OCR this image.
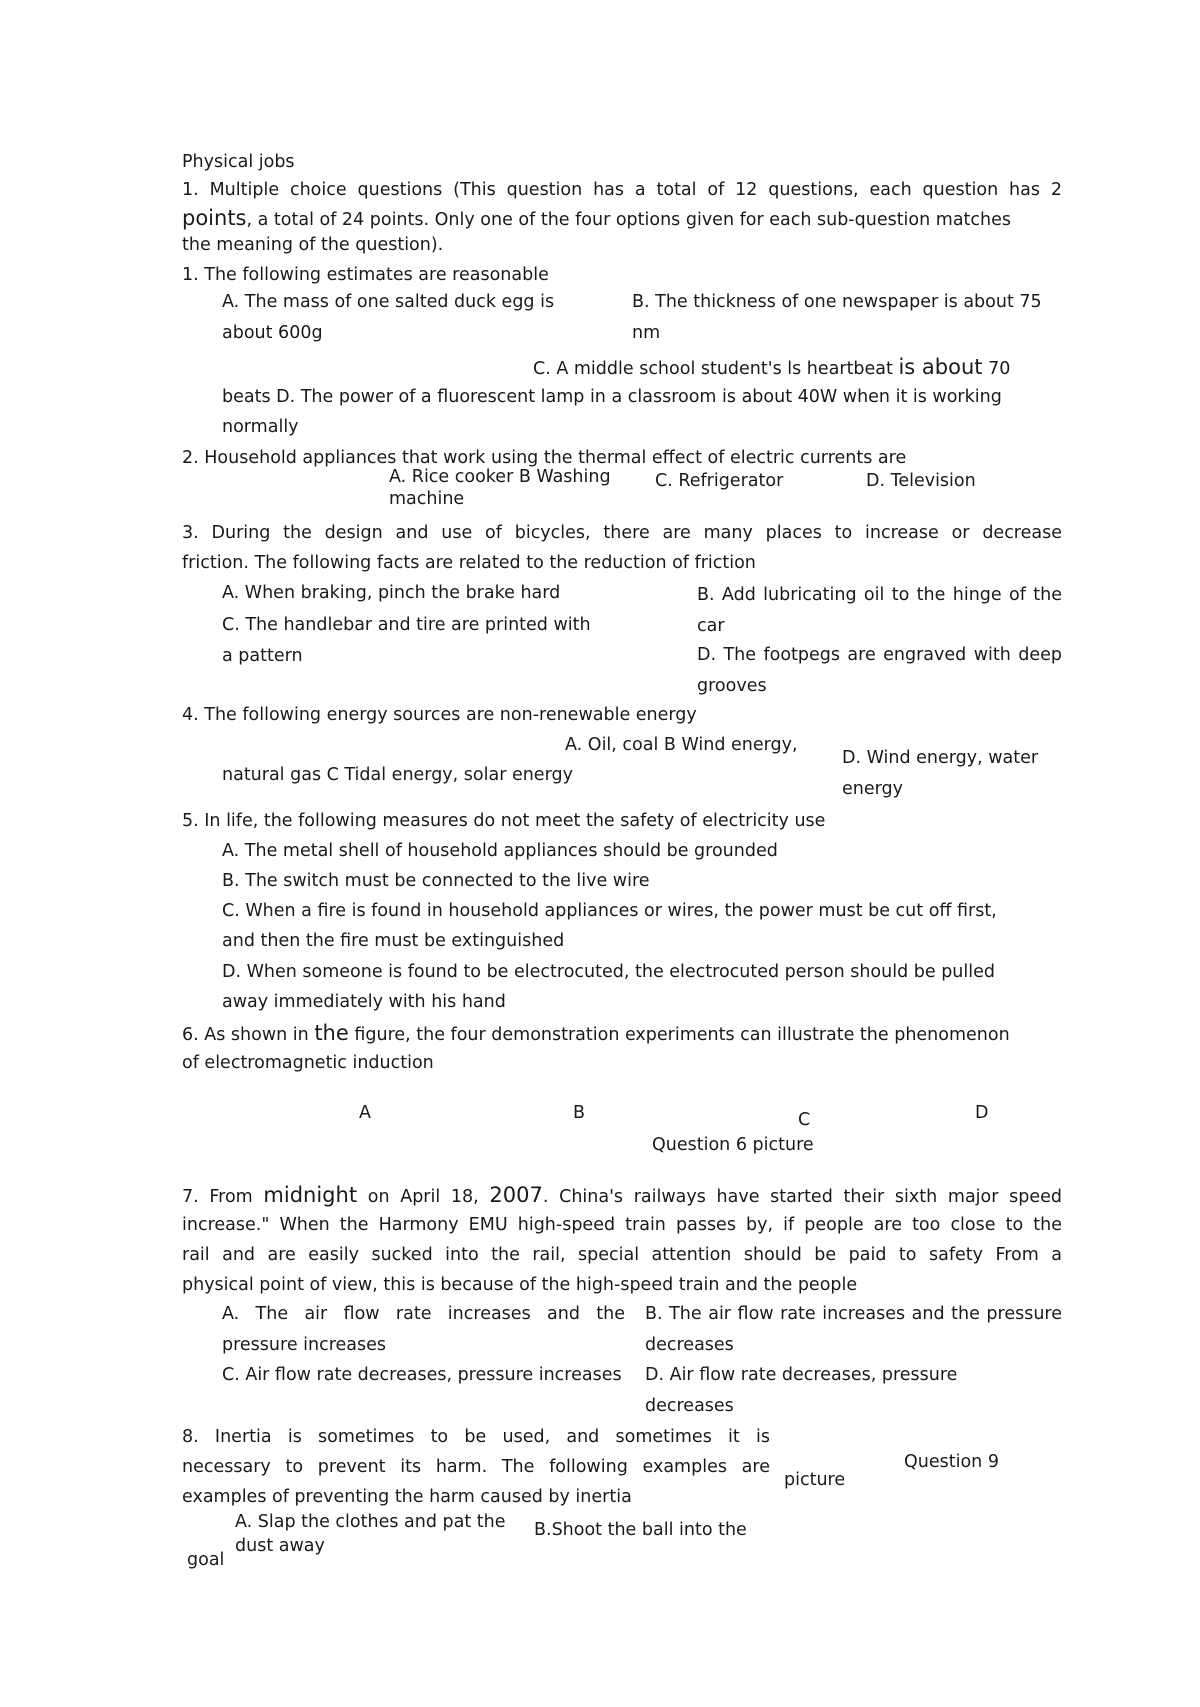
Physical jobs
1. Multiple choice questions (This question has a total of 12 questions, each question has 2
points, a total of 24 points. Only one of the four options given for each sub-question matches
the meaning of the question).
1. The following estimates are reasonable
A. The mass of one salted duck egg is about 600g
B. The thickness of one newspaper is about 75 nm
C. A middle school student's ls heartbeat is about 70
beats D. The power of a fluorescent lamp in a classroom is about 40W when it is working
normally
2. Household appliances that work using the thermal effect of electric currents are
A. Rice cooker B Washing machine
C. Refrigerator	D. Television
3. During the design and use of bicycles, there are many places to increase or decrease
friction. The following facts are related to the reduction of friction
A. When braking, pinch the brake hard
C. The handlebar and tire are printed with a pattern
B. Add lubricating oil to the hinge of the car
D. The footpegs are engraved with deep grooves
4. The following energy sources are non-renewable energy
A. Oil, coal B Wind energy,
natural gas C Tidal energy, solar energy
D. Wind energy, water energy
5. In life, the following measures do not meet the safety of electricity use
A. The metal shell of household appliances should be grounded
B. The switch must be connected to the live wire
C. When a fire is found in household appliances or wires, the power must be cut off first,
and then the fire must be extinguished
D. When someone is found to be electrocuted, the electrocuted person should be pulled
away immediately with his hand
6. As shown in the figure, the four demonstration experiments can illustrate the phenomenon
of electromagnetic induction
A	B	C	D
Question 6 picture
7. From midnight on April 18, 2007. China's railways have started their sixth major speed
increase." When the Harmony EMU high-speed train passes by, if people are too close to the
rail and are easily sucked into the rail, special attention should be paid to safety From a
physical point of view, this is because of the high-speed train and the people
A. The air flow rate increases and the pressure increases
B. The air flow rate increases and the pressure decreases
C. Air flow rate decreases, pressure increases D. Air flow rate decreases, pressure decreases
8. Inertia is sometimes to be used, and sometimes it is
necessary to prevent its harm. The following examples are
examples of preventing the harm caused by inertia
A. Slap the clothes and pat the dust away
B.Shoot the ball into the
goal
Question 9
picture
